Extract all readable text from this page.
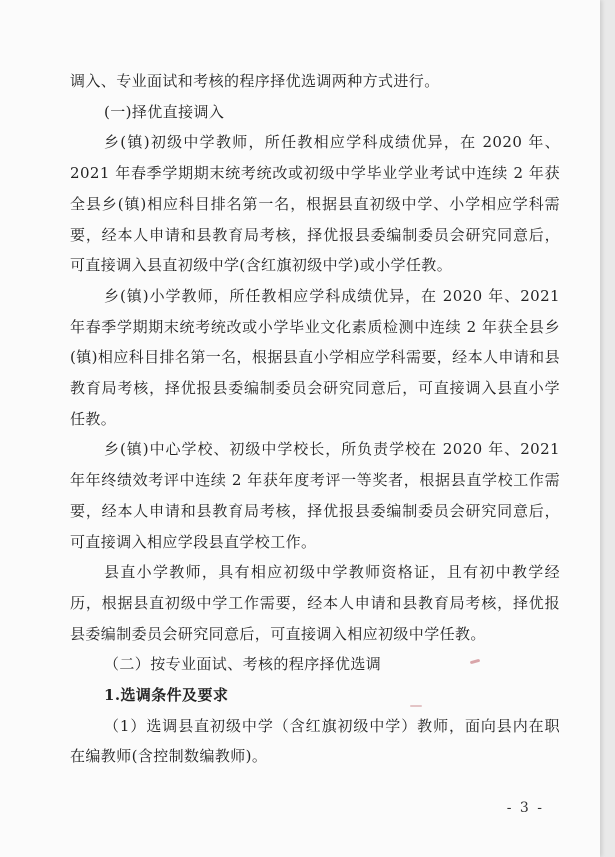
调入、专业面试和考核的程序择优选调两种方式进行。

(一)择优直接调入

乡(镇)初级中学教师，所任教相应学科成绩优异，在 2020 年、2021 年春季学期期末统考统改或初级中学毕业学业考试中连续 2 年获全县乡(镇)相应科目排名第一名，根据县直初级中学、小学相应学科需要，经本人申请和县教育局考核，择优报县委编制委员会研究同意后，可直接调入县直初级中学(含红旗初级中学)或小学任教。

乡(镇)小学教师，所任教相应学科成绩优异，在 2020 年、2021 年春季学期期末统考统改或小学毕业文化素质检测中连续 2 年获全县乡(镇)相应科目排名第一名，根据县直小学相应学科需要，经本人申请和县教育局考核，择优报县委编制委员会研究同意后，可直接调入县直小学任教。

乡(镇)中心学校、初级中学校长，所负责学校在 2020 年、2021 年年终绩效考评中连续 2 年获年度考评一等奖者，根据县直学校工作需要，经本人申请和县教育局考核，择优报县委编制委员会研究同意后，可直接调入相应学段县直学校工作。

县直小学教师，具有相应初级中学教师资格证，且有初中教学经历，根据县直初级中学工作需要，经本人申请和县教育局考核，择优报县委编制委员会研究同意后，可直接调入相应初级中学任教。

（二）按专业面试、考核的程序择优选调

1.选调条件及要求

（1）选调县直初级中学（含红旗初级中学）教师，面向县内在职在编教师(含控制数编教师)。

- 3 -
